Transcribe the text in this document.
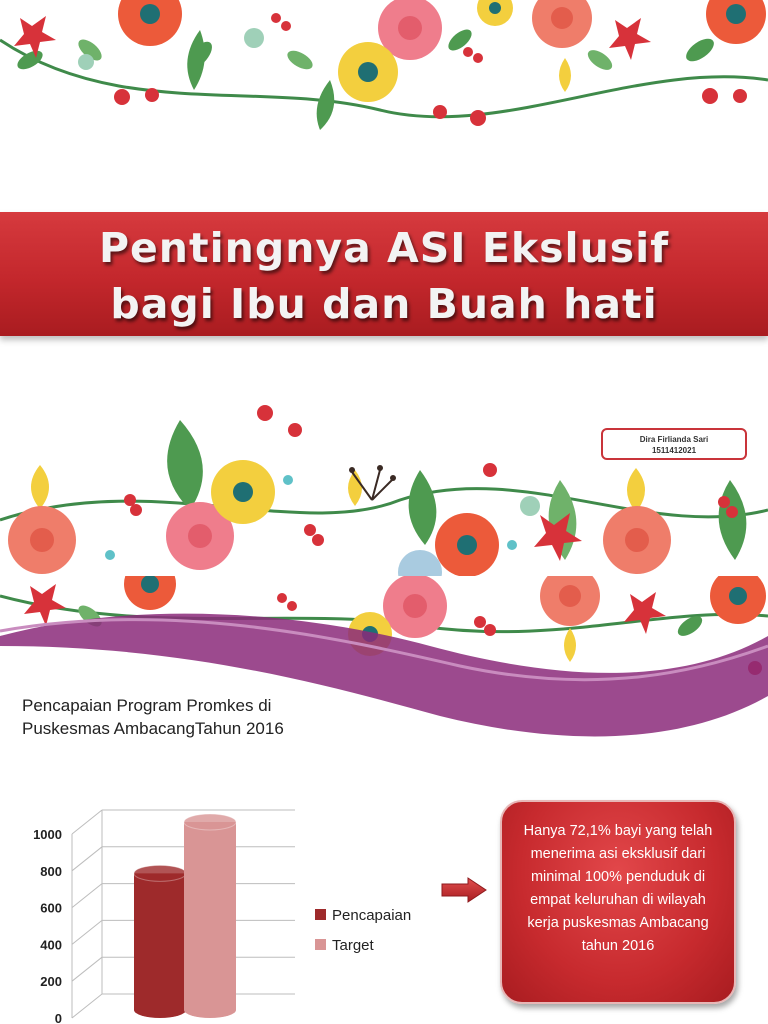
Pentingnya ASI Ekslusif
bagi Ibu dan Buah hati
Dira Firlianda Sari
1511412021
Pencapaian Program Promkes di
Puskesmas AmbacangTahun 2016
0
200
400
600
800
1000
Pencapaian
Target
Hanya 72,1% bayi yang telah menerima asi eksklusif dari minimal 100% penduduk di empat keluruhan di wilayah kerja puskesmas Ambacang tahun 2016
